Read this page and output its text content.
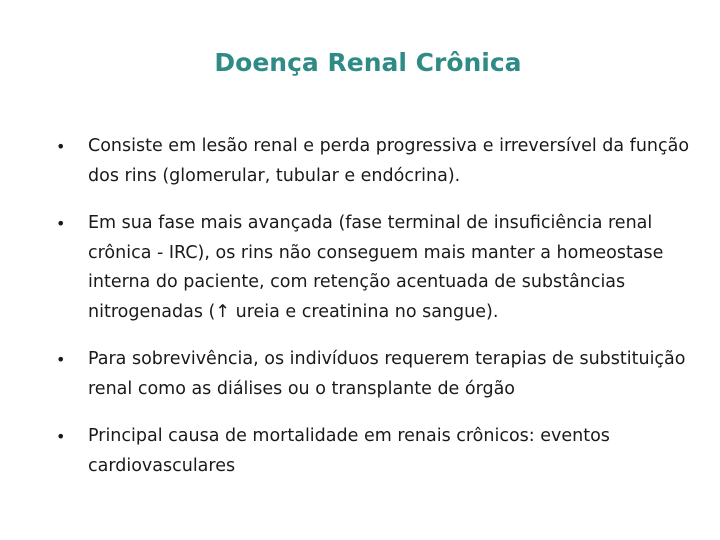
Doença Renal Crônica
•	Consiste em lesão renal e perda progressiva e irreversível da função dos rins (glomerular, tubular e endócrina).
•	Em sua fase mais avançada (fase terminal de insuficiência renal crônica - IRC), os rins não conseguem mais manter a homeostase interna do paciente, com retenção acentuada de substâncias nitrogenadas (↑ ureia e creatinina no sangue).
•	Para sobrevivência, os indivíduos requerem terapias de substituição renal como as diálises ou o transplante de órgão
•	Principal causa de mortalidade em renais crônicos: eventos cardiovasculares
